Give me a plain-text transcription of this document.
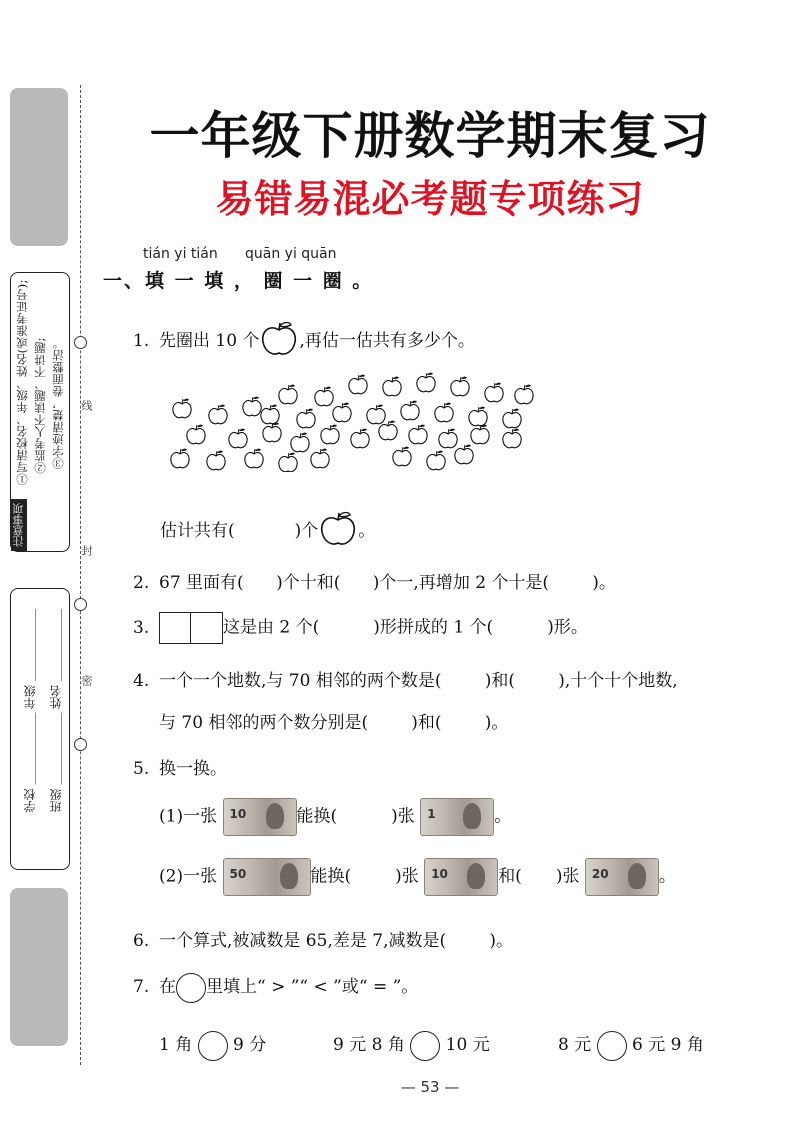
线
封
密
注意事项
①写清校名、年级、姓名(或准考证号); ②监考人不读题、不讲题; ③字迹清楚，卷面整洁。
学校 ＿＿＿＿＿＿ 年级 ＿＿＿＿＿＿ 班级 ＿＿＿＿＿＿ 姓名 ＿＿＿＿＿＿
一年级下册数学期末复习
易错易混必考题专项练习
tián yi tián quān yi quān
一、填 一 填 ， 圈 一 圈 。
1. 先圈出 10 个 ,再估一估共有多少个。
估计共有(	)个 。
2. 67 里面有(      )个十和(      )个一,再增加 2 个十是(        )。
3.	这是由 2 个(          )形拼成的 1 个(          )形。
4. 一个一个地数,与 70 相邻的两个数是(        )和(        ),十个十个地数,
与 70 相邻的两个数分别是(        )和(        )。
5. 换一换。
(1)一张 10	能换(	)张 1	。
(2)一张 50	能换(	)张 10	和( )张 20	。
6. 一个算式,被减数是 65,差是 7,减数是(        )。
7. 在 里填上“ > ”“ < ”或“ = ”。
1 角 9 分	9 元 8 角 10 元	8 元 6 元 9 角
— 53 —
